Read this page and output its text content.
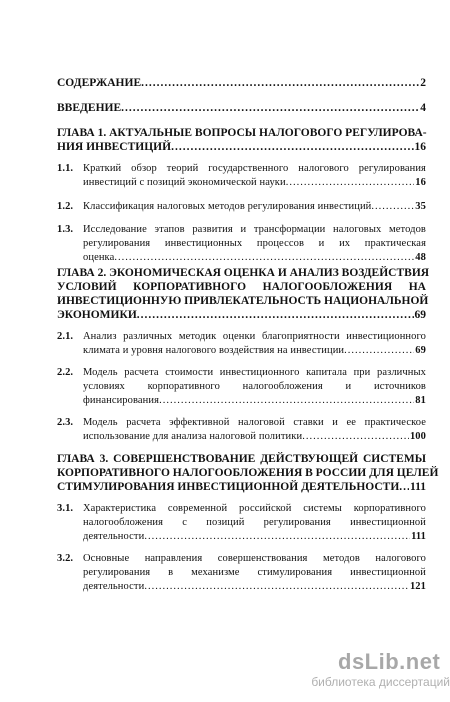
СОДЕРЖАНИЕ .....	2
ВВЕДЕНИЕ .....	4
ГЛАВА 1. АКТУАЛЬНЫЕ ВОПРОСЫ НАЛОГОВОГО РЕГУЛИРОВА-
НИЯ ИНВЕСТИЦИЙ .....	16
1.1. Краткий обзор теорий государственного налогового регулирования
инвестиций с позиций экономической науки .....	16
1.2. Классификация налоговых методов регулирования инвестиций .....	35
1.3. Исследование этапов развития и трансформации налоговых методов
регулирования инвестиционных процессов и их практическая
оценка .....	48
ГЛАВА 2. ЭКОНОМИЧЕСКАЯ ОЦЕНКА И АНАЛИЗ ВОЗДЕЙСТВИЯ
УСЛОВИЙ КОРПОРАТИВНОГО НАЛОГООБЛОЖЕНИЯ НА
ИНВЕСТИЦИОННУЮ ПРИВЛЕКАТЕЛЬНОСТЬ НАЦИОНАЛЬНОЙ
ЭКОНОМИКИ .....	69
2.1. Анализ различных методик оценки благоприятности инвестиционного
климата и уровня налогового воздействия на инвестиции .....	69
2.2. Модель расчета стоимости инвестиционного капитала при различных
условиях корпоративного налогообложения и источников
финансирования .....	81
2.3. Модель расчета эффективной налоговой ставки и ее практическое
использование для анализа налоговой политики .....	100
ГЛАВА 3. СОВЕРШЕНСТВОВАНИЕ ДЕЙСТВУЮЩЕЙ СИСТЕМЫ
КОРПОРАТИВНОГО НАЛОГООБЛОЖЕНИЯ В РОССИИ ДЛЯ ЦЕЛЕЙ
СТИМУЛИРОВАНИЯ ИНВЕСТИЦИОННОЙ ДЕЯТЕЛЬНОСТИ ..... 111
3.1. Характеристика современной российской системы корпоративного
налогообложения с позиций регулирования инвестиционной
деятельности .....	111
3.2. Основные направления совершенствования методов налогового
регулирования в механизме стимулирования инвестиционной
деятельности .....	121
dsLib.net
библиотека диссертаций
